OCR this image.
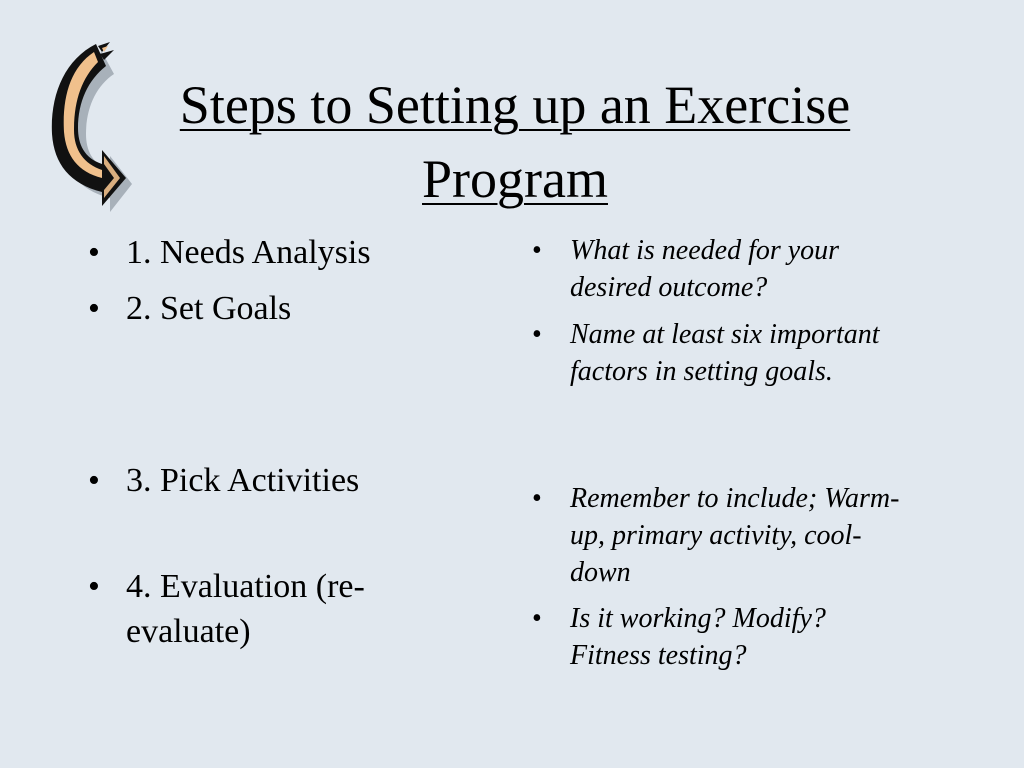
Steps to Setting up an Exercise
Program
• 1. Needs Analysis
• 2. Set Goals
• 3. Pick Activities
• 4. Evaluation (re-evaluate)
• What is needed for your desired outcome?
• Name at least six important factors in setting goals.
• Remember to include; Warm-up, primary activity, cool-down
• Is it working? Modify? Fitness testing?
